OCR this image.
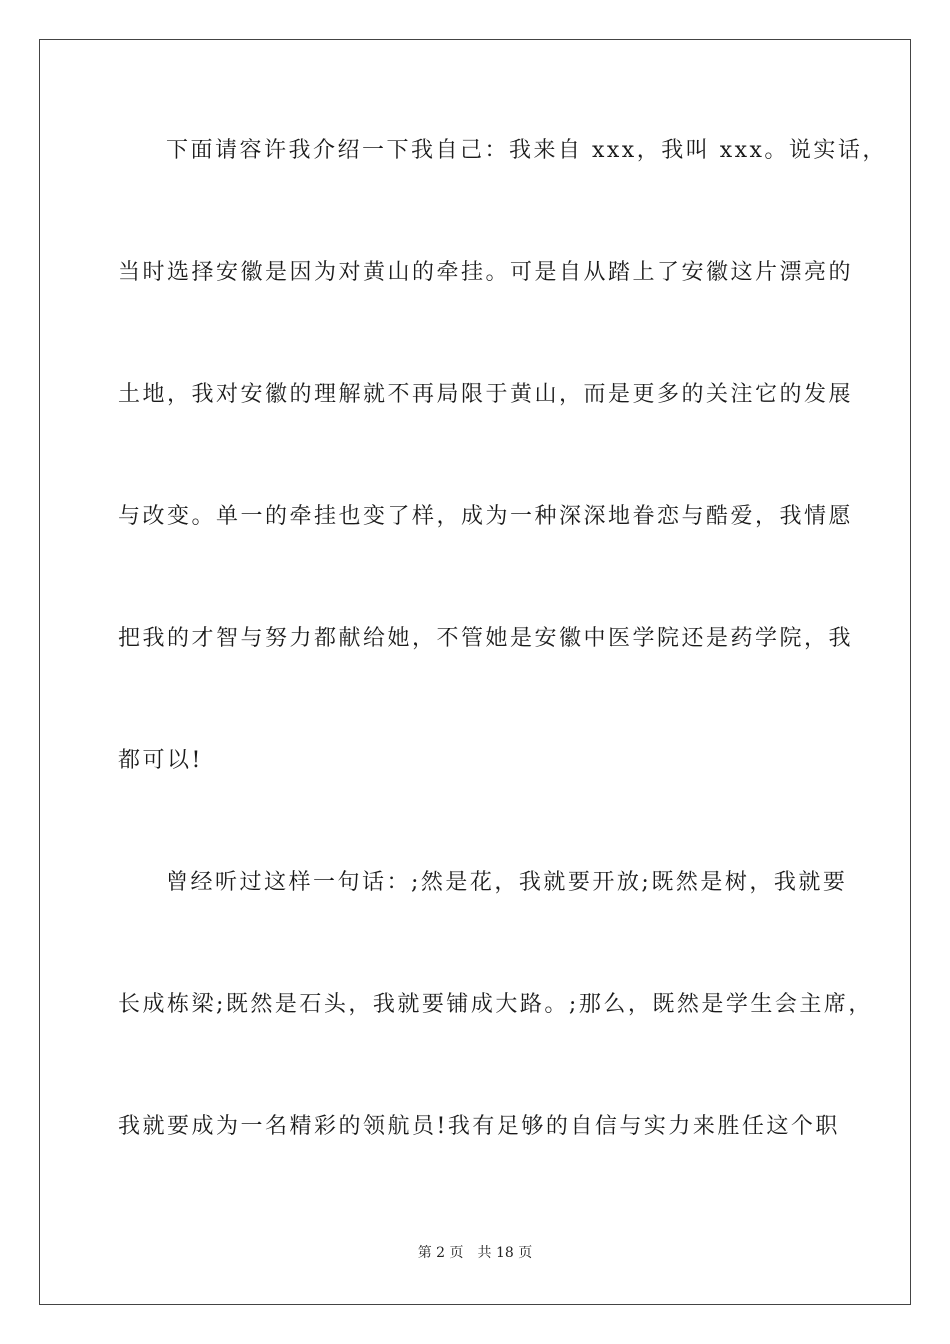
下面请容许我介绍一下我自己：我来自 xxx，我叫 xxx。说实话，
当时选择安徽是因为对黄山的牵挂。可是自从踏上了安徽这片漂亮的
土地，我对安徽的理解就不再局限于黄山，而是更多的关注它的发展
与改变。单一的牵挂也变了样，成为一种深深地眷恋与酷爱，我情愿
把我的才智与努力都献给她，不管她是安徽中医学院还是药学院，我
都可以!
曾经听过这样一句话：;然是花，我就要开放;既然是树，我就要
长成栋梁;既然是石头，我就要铺成大路。;那么，既然是学生会主席，
我就要成为一名精彩的领航员!我有足够的自信与实力来胜任这个职
第 2 页 共 18 页
